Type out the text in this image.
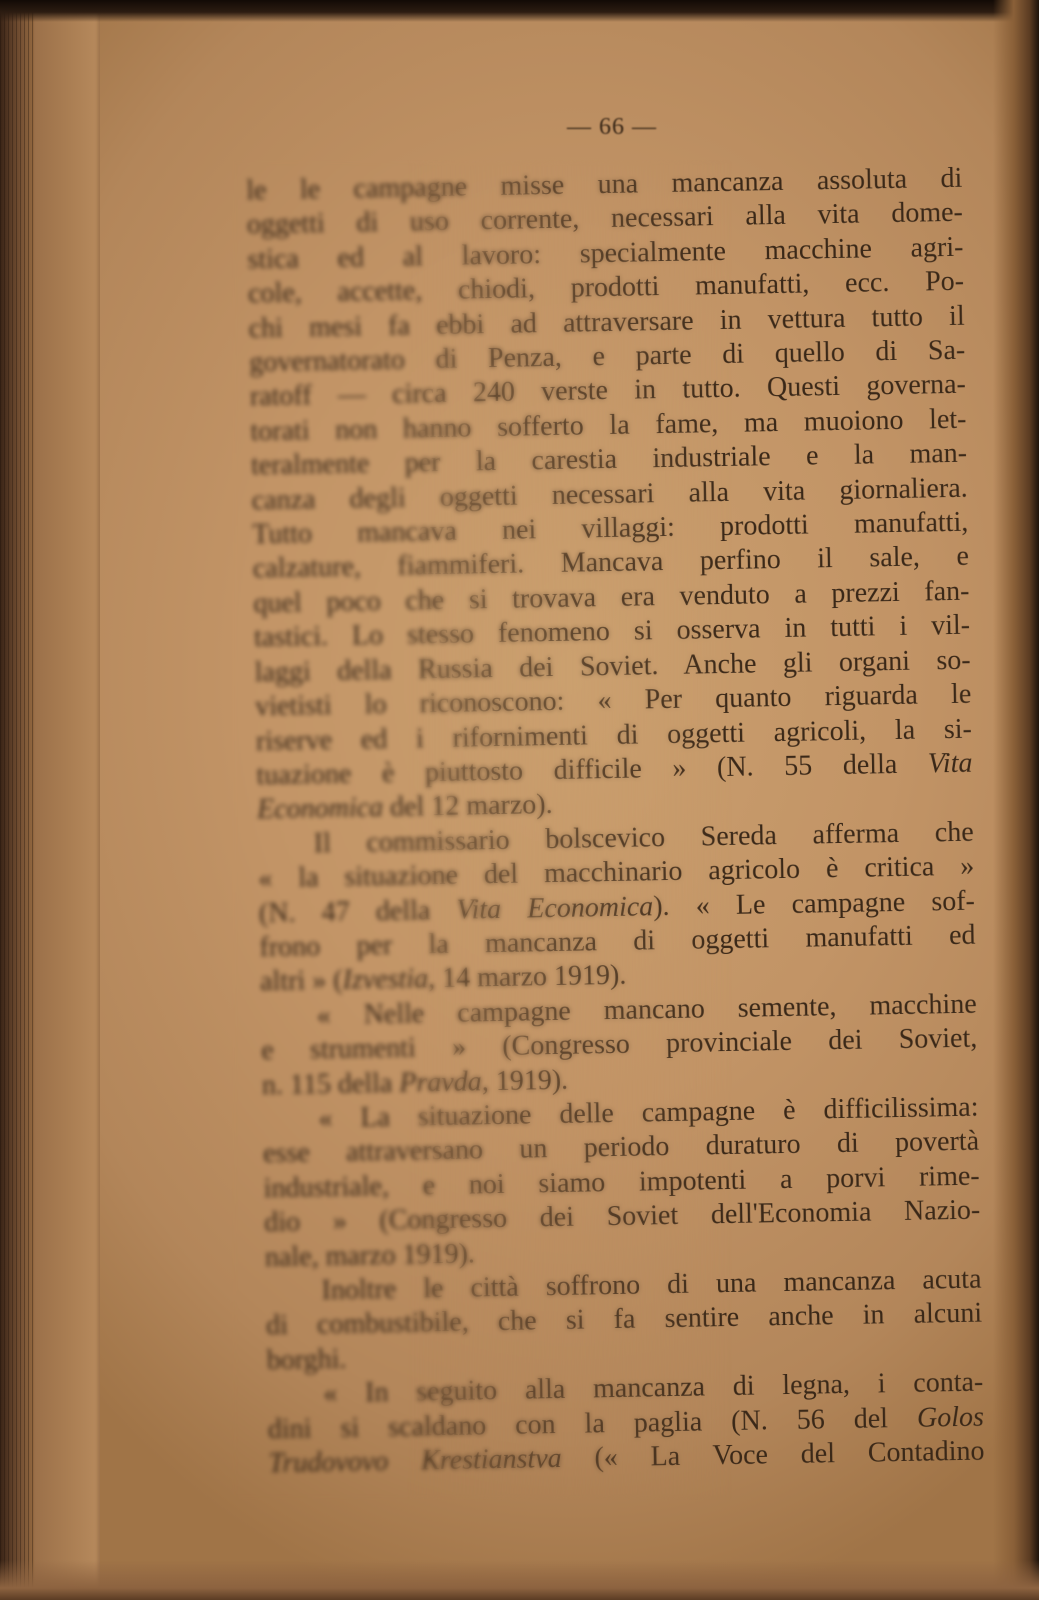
— 66 —
le le campagne misse una mancanza assoluta di
oggetti di uso corrente, necessari alla vita dome-
stica ed al lavoro: specialmente macchine agri-
cole, accette, chiodi, prodotti manufatti, ecc. Po-
chi mesi fa ebbi ad attraversare in vettura tutto il
governatorato di Penza, e parte di quello di Sa-
ratoff — circa 240 verste in tutto. Questi governa-
torati non hanno sofferto la fame, ma muoiono let-
teralmente per la carestia industriale e la man-
canza degli oggetti necessari alla vita giornaliera.
Tutto mancava nei villaggi: prodotti manufatti,
calzature, fiammiferi. Mancava perfino il sale, e
quel poco che si trovava era venduto a prezzi fan-
tastici. Lo stesso fenomeno si osserva in tutti i vil-
laggi della Russia dei Soviet. Anche gli organi so-
vietisti lo riconoscono: « Per quanto riguarda le
riserve ed i rifornimenti di oggetti agricoli, la si-
tuazione è piuttosto difficile » (N. 55 della Vita
Economica del 12 marzo).
Il commissario bolscevico Sereda afferma che
« la situazione del macchinario agricolo è critica »
(N. 47 della Vita Economica). « Le campagne sof-
frono per la mancanza di oggetti manufatti ed
altri » (Izvestia, 14 marzo 1919).
« Nelle campagne mancano semente, macchine
e strumenti » (Congresso provinciale dei Soviet,
n. 115 della Pravda, 1919).
« La situazione delle campagne è difficilissima:
esse attraversano un periodo duraturo di povertà
industriale, e noi siamo impotenti a porvi rime-
dio » (Congresso dei Soviet dell'Economia Nazio-
nale, marzo 1919).
Inoltre le città soffrono di una mancanza acuta
di combustibile, che si fa sentire anche in alcuni
borghi.
« In seguito alla mancanza di legna, i conta-
dini si scaldano con la paglia (N. 56 del Golos
Trudovovo Krestianstva (« La Voce del Contadino
